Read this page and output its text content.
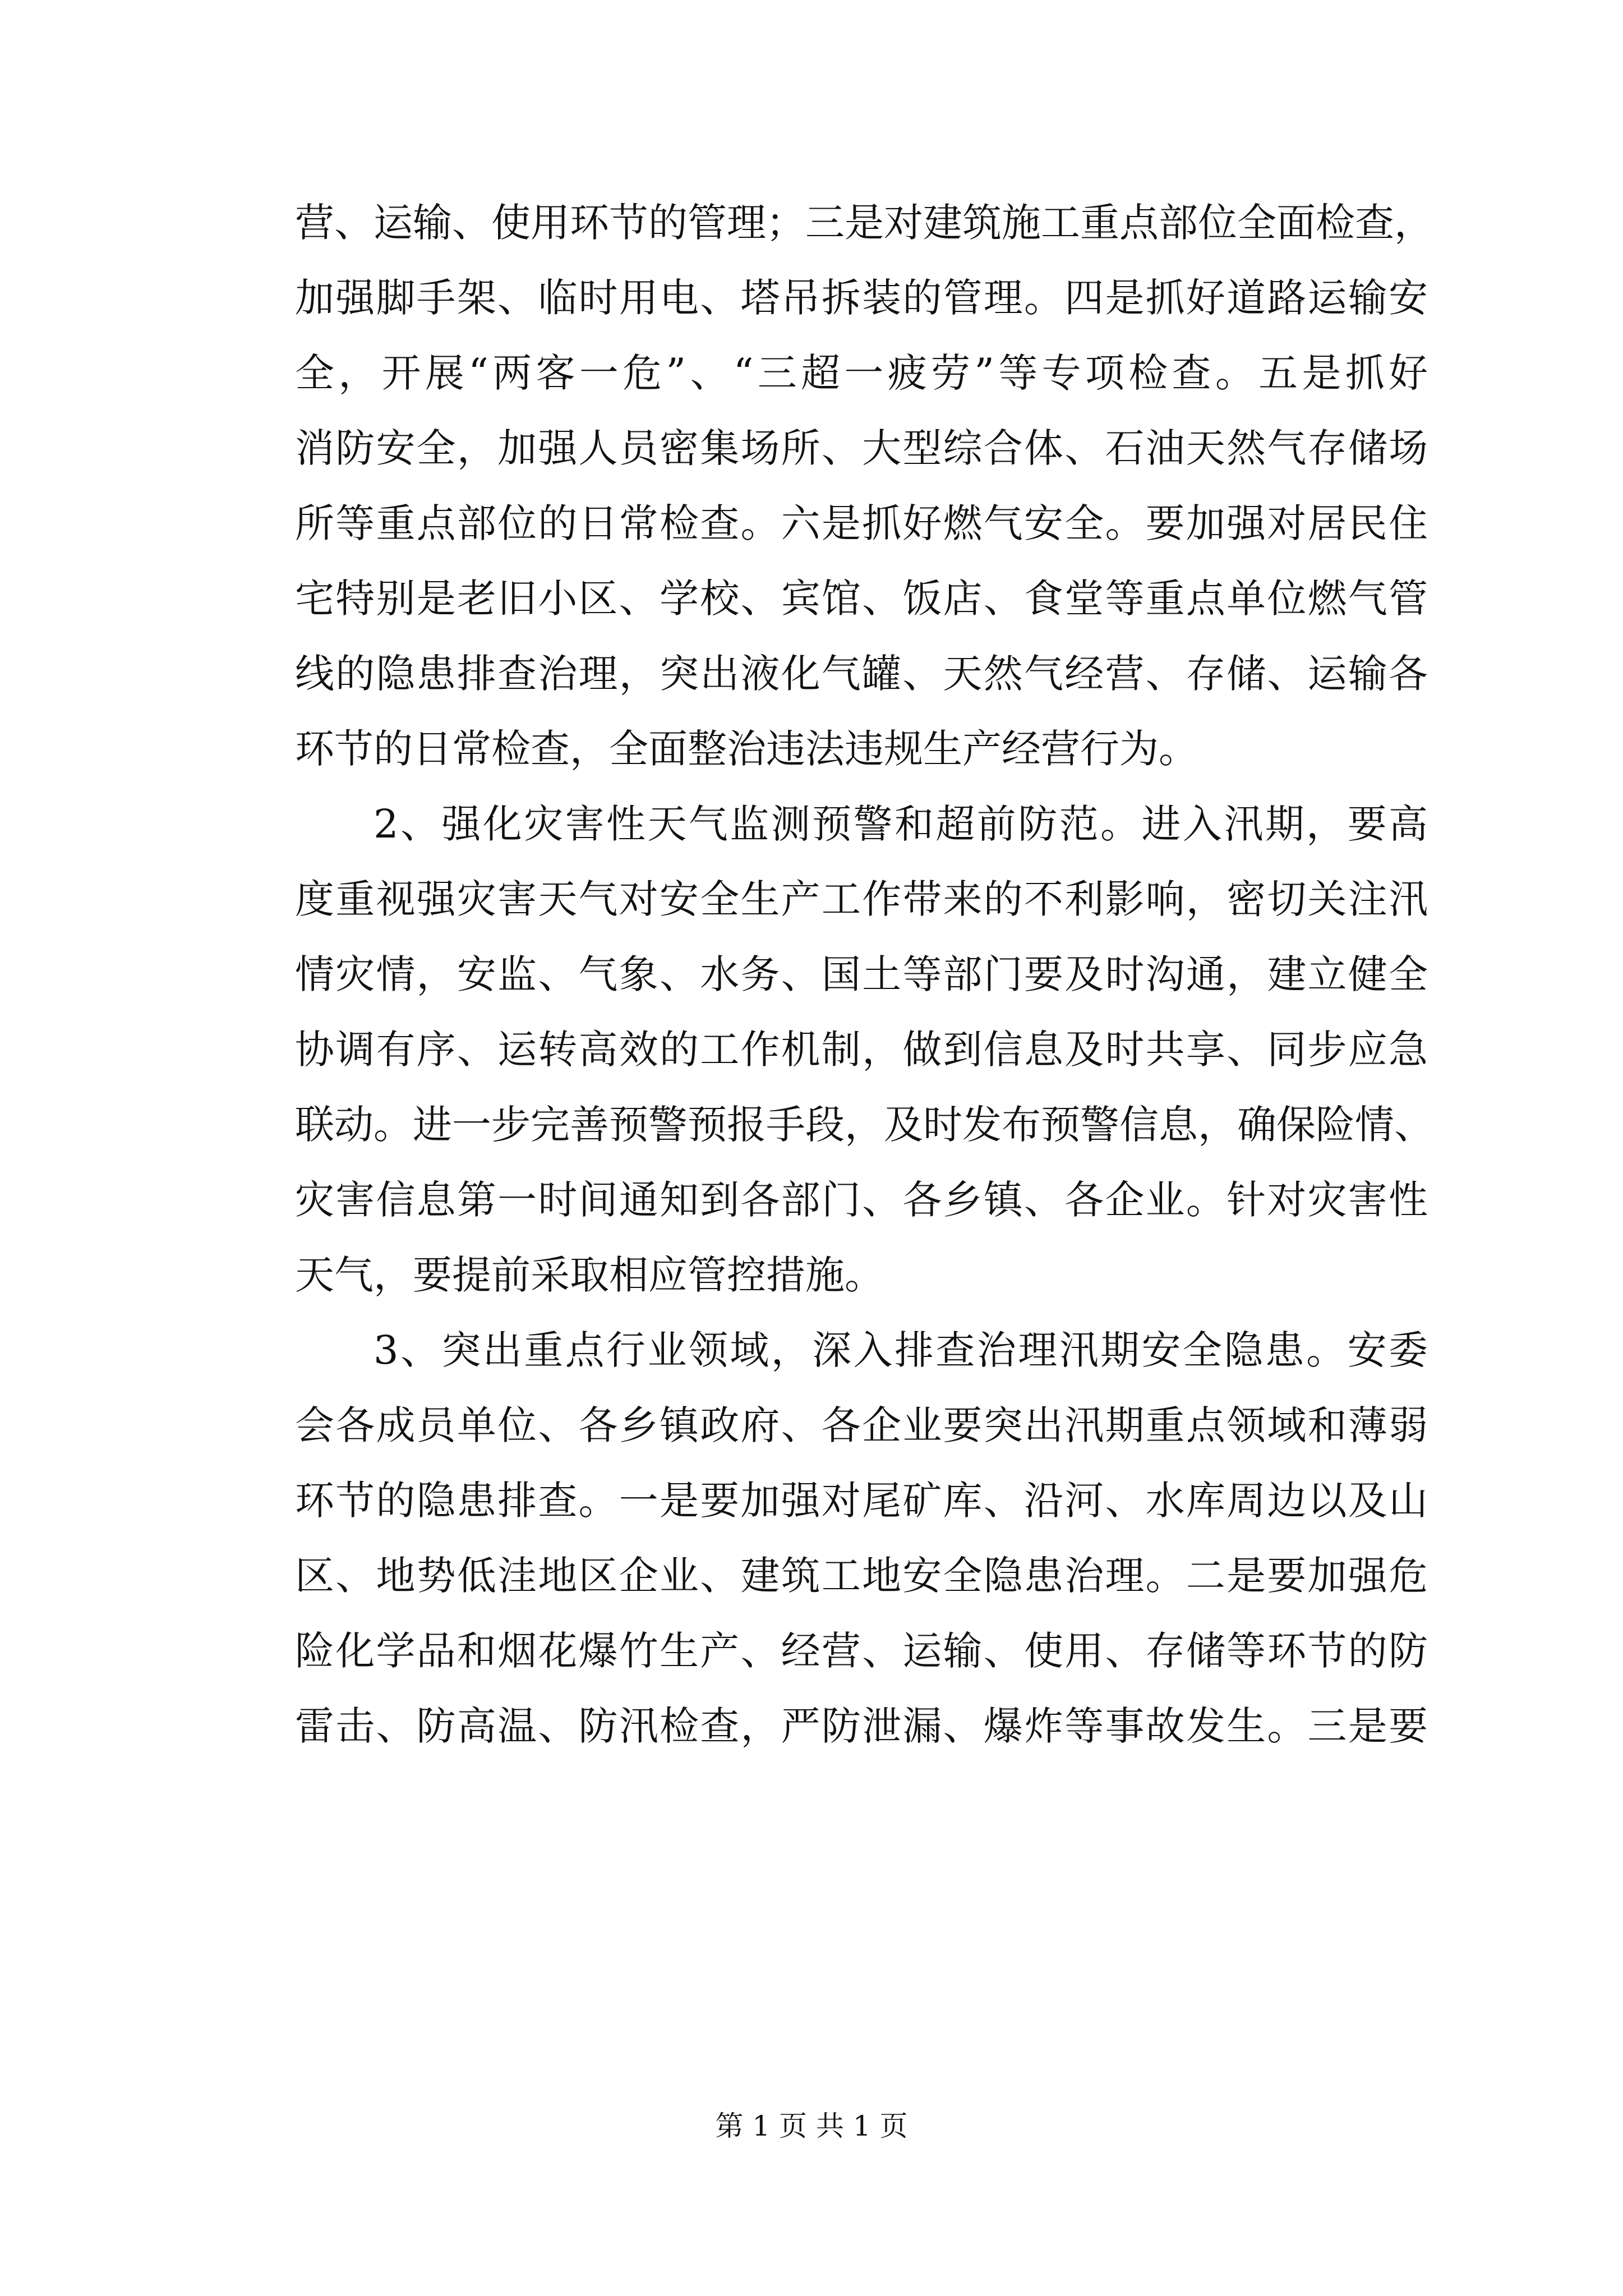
营、运输、使用环节的管理；三是对建筑施工重点部位全面检查，
加强脚手架、临时用电、塔吊拆装的管理。四是抓好道路运输安
全，开展“两客一危”、“三超一疲劳”等专项检查。五是抓好
消防安全，加强人员密集场所、大型综合体、石油天然气存储场
所等重点部位的日常检查。六是抓好燃气安全。要加强对居民住
宅特别是老旧小区、学校、宾馆、饭店、食堂等重点单位燃气管
线的隐患排查治理，突出液化气罐、天然气经营、存储、运输各
环节的日常检查，全面整治违法违规生产经营行为。
2、强化灾害性天气监测预警和超前防范。进入汛期，要高
度重视强灾害天气对安全生产工作带来的不利影响，密切关注汛
情灾情，安监、气象、水务、国土等部门要及时沟通，建立健全
协调有序、运转高效的工作机制，做到信息及时共享、同步应急
联动。进一步完善预警预报手段，及时发布预警信息，确保险情、
灾害信息第一时间通知到各部门、各乡镇、各企业。针对灾害性
天气，要提前采取相应管控措施。
3、突出重点行业领域，深入排查治理汛期安全隐患。安委
会各成员单位、各乡镇政府、各企业要突出汛期重点领域和薄弱
环节的隐患排查。一是要加强对尾矿库、沿河、水库周边以及山
区、地势低洼地区企业、建筑工地安全隐患治理。二是要加强危
险化学品和烟花爆竹生产、经营、运输、使用、存储等环节的防
雷击、防高温、防汛检查，严防泄漏、爆炸等事故发生。三是要
第 1 页 共 1 页
